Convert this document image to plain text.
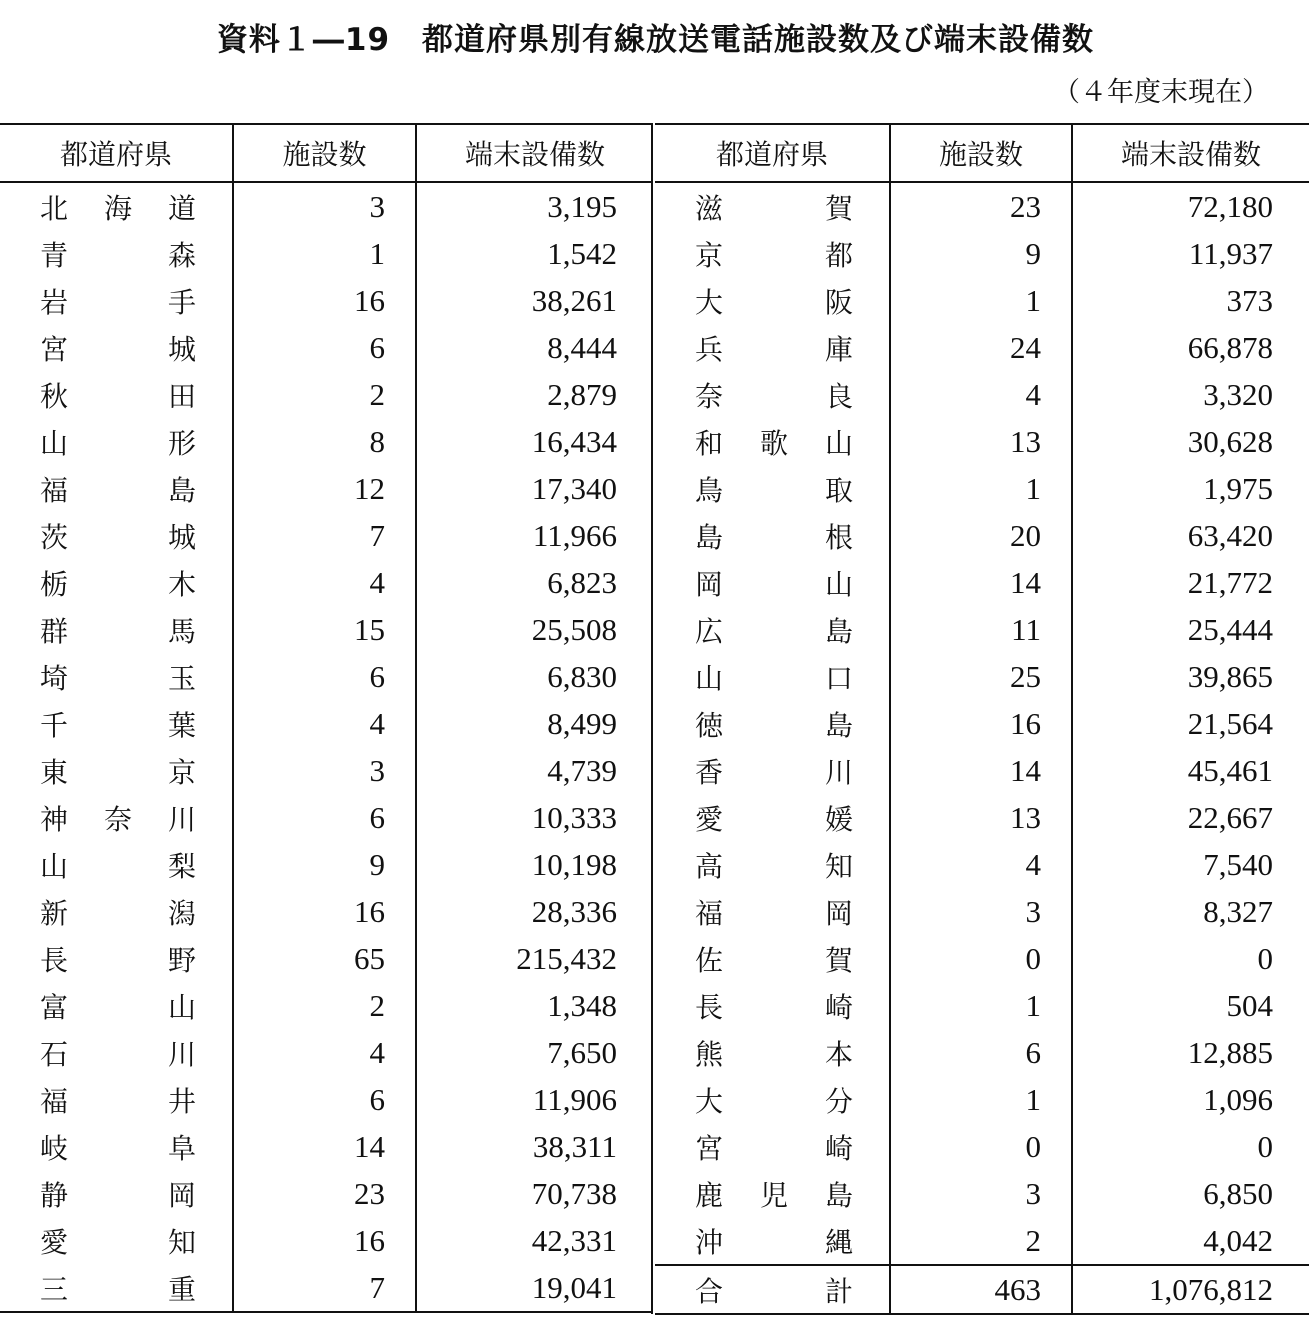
資料１―19　都道府県別有線放送電話施設数及び端末設備数
（４年度末現在）
都道府県	施設数	端末設備数

北 海 道	3	3,195

青 森	1	1,542

岩 手	16	38,261

宮 城	6	8,444

秋 田	2	2,879

山 形	8	16,434

福 島	12	17,340

茨 城	7	11,966

栃 木	4	6,823

群 馬	15	25,508

埼 玉	6	6,830

千 葉	4	8,499

東 京	3	4,739

神 奈 川	6	10,333

山 梨	9	10,198

新 潟	16	28,336

長 野	65	215,432

富 山	2	1,348

石 川	4	7,650

福 井	6	11,906

岐 阜	14	38,311

静 岡	23	70,738

愛 知	16	42,331

三 重	7	19,041
都道府県	施設数	端末設備数

滋 賀	23	72,180

京 都	9	11,937

大 阪	1	373

兵 庫	24	66,878

奈 良	4	3,320

和 歌 山	13	30,628

鳥 取	1	1,975

島 根	20	63,420

岡 山	14	21,772

広 島	11	25,444

山 口	25	39,865

徳 島	16	21,564

香 川	14	45,461

愛 媛	13	22,667

高 知	4	7,540

福 岡	3	8,327

佐 賀	0	0

長 崎	1	504

熊 本	6	12,885

大 分	1	1,096

宮 崎	0	0

鹿 児 島	3	6,850

沖 縄	2	4,042

合 計	463	1,076,812
